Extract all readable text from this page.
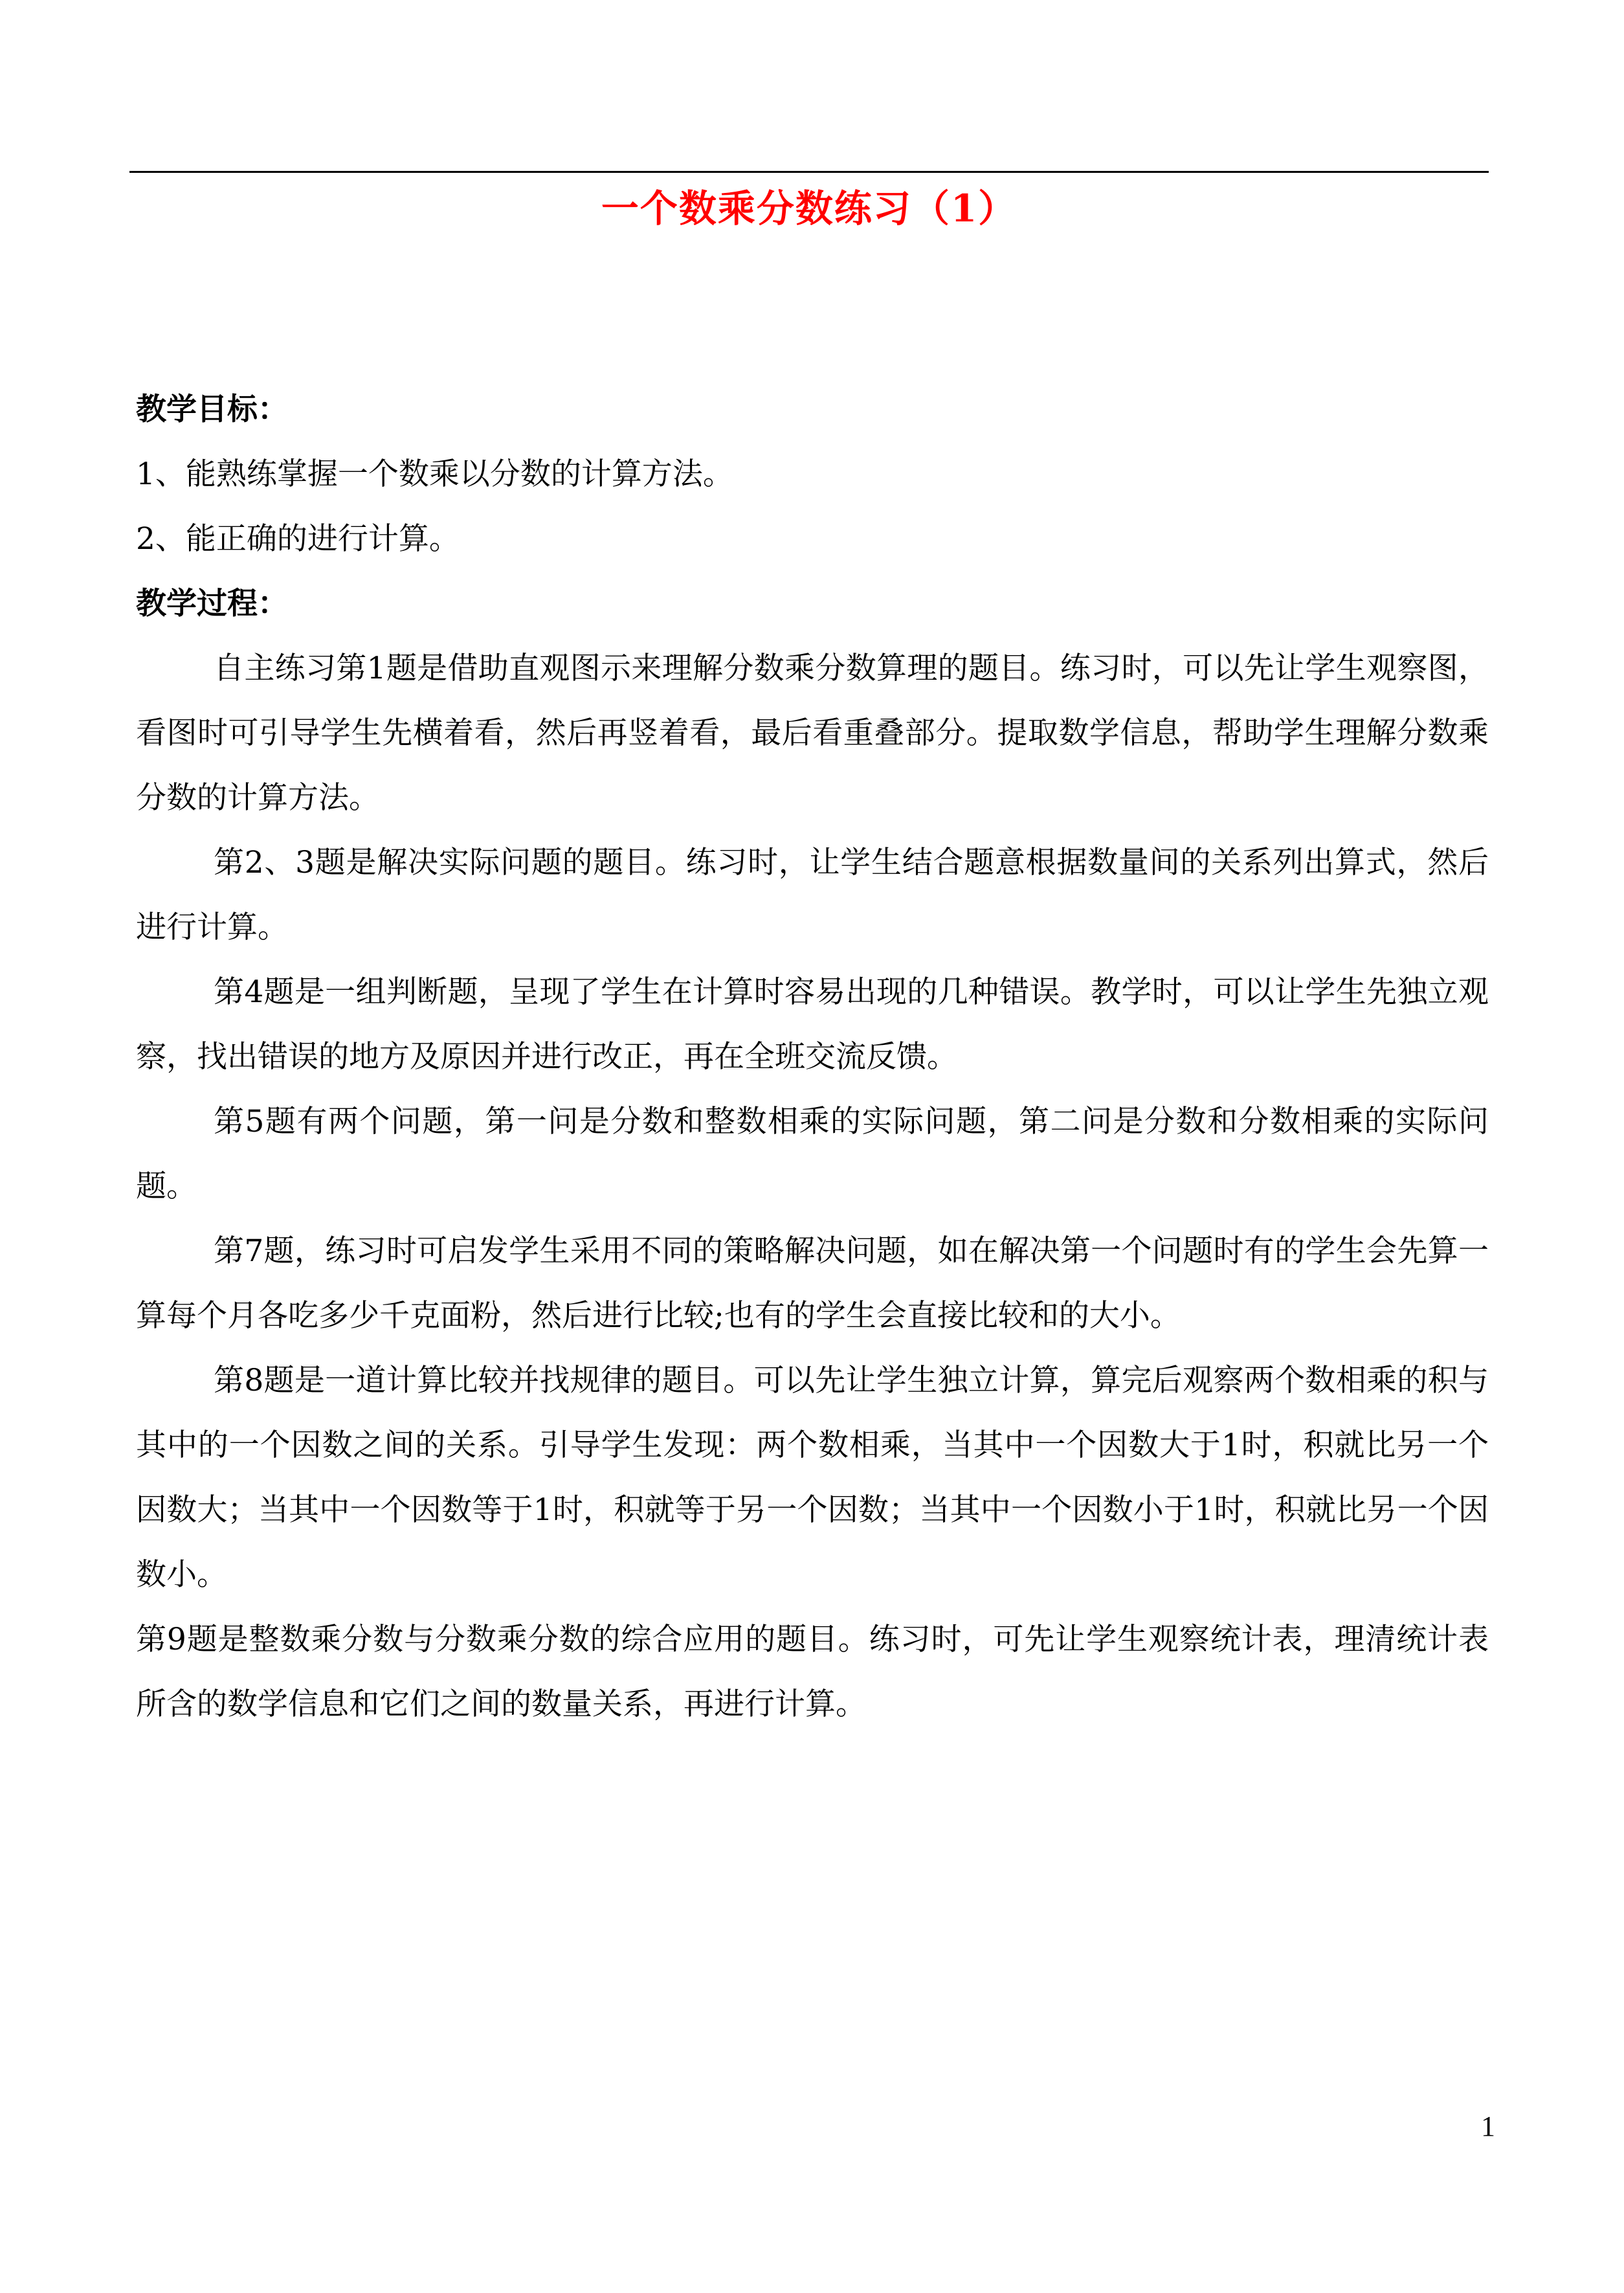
一个数乘分数练习（1）
教学目标：
1、能熟练掌握一个数乘以分数的计算方法。
2、能正确的进行计算。
教学过程：
自主练习第1题是借助直观图示来理解分数乘分数算理的题目。练习时，可以先让学生观察图，看图时可引导学生先横着看，然后再竖着看，最后看重叠部分。提取数学信息，帮助学生理解分数乘分数的计算方法。
第2、3题是解决实际问题的题目。练习时，让学生结合题意根据数量间的关系列出算式，然后进行计算。
第4题是一组判断题，呈现了学生在计算时容易出现的几种错误。教学时，可以让学生先独立观察，找出错误的地方及原因并进行改正，再在全班交流反馈。
第5题有两个问题，第一问是分数和整数相乘的实际问题，第二问是分数和分数相乘的实际问题。
第7题，练习时可启发学生采用不同的策略解决问题，如在解决第一个问题时有的学生会先算一算每个月各吃多少千克面粉，然后进行比较;也有的学生会直接比较和的大小。
第8题是一道计算比较并找规律的题目。可以先让学生独立计算，算完后观察两个数相乘的积与其中的一个因数之间的关系。引导学生发现：两个数相乘，当其中一个因数大于1时，积就比另一个因数大；当其中一个因数等于1时，积就等于另一个因数；当其中一个因数小于1时，积就比另一个因数小。
第9题是整数乘分数与分数乘分数的综合应用的题目。练习时，可先让学生观察统计表，理清统计表所含的数学信息和它们之间的数量关系，再进行计算。
1
